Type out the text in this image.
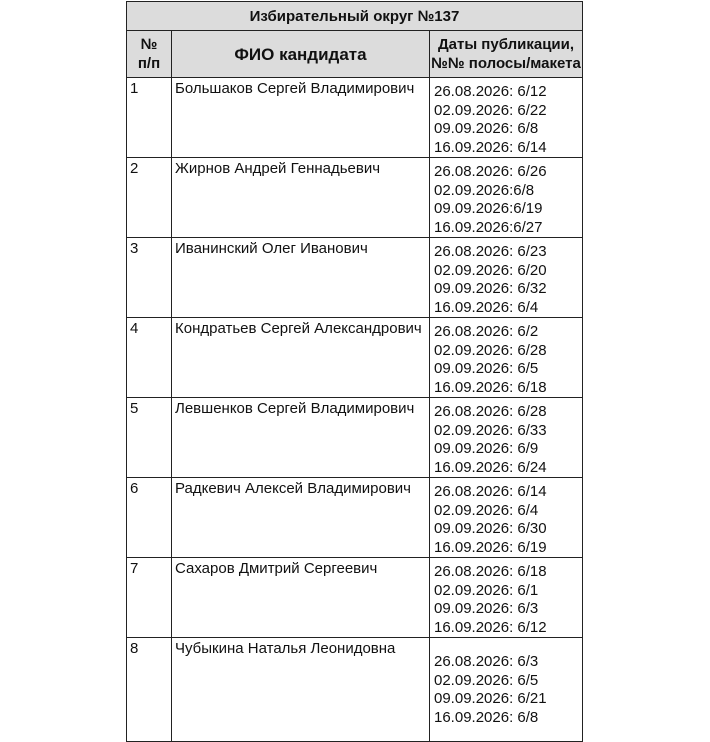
Избирательный округ №137		

№
п/п	ФИО кандидата	Даты публикации,
№№ полосы/макета

1	Большаков Сергей Владимирович	26.08.2026: 6/12
02.09.2026: 6/22
09.09.2026: 6/8
16.09.2026: 6/14

2	Жирнов Андрей Геннадьевич	26.08.2026: 6/26
02.09.2026:6/8
09.09.2026:6/19
16.09.2026:6/27

3	Иванинский Олег Иванович	26.08.2026: 6/23
02.09.2026: 6/20
09.09.2026: 6/32
16.09.2026: 6/4

4	Кондратьев Сергей Александрович	26.08.2026: 6/2
02.09.2026: 6/28
09.09.2026: 6/5
16.09.2026: 6/18

5	Левшенков Сергей Владимирович	26.08.2026: 6/28
02.09.2026: 6/33
09.09.2026: 6/9
16.09.2026: 6/24

6	Радкевич Алексей Владимирович	26.08.2026: 6/14
02.09.2026: 6/4
09.09.2026: 6/30
16.09.2026: 6/19

7	Сахаров Дмитрий Сергеевич	26.08.2026: 6/18
02.09.2026: 6/1
09.09.2026: 6/3
16.09.2026: 6/12

8	Чубыкина Наталья Леонидовна	26.08.2026: 6/3
02.09.2026: 6/5
09.09.2026: 6/21
16.09.2026: 6/8
